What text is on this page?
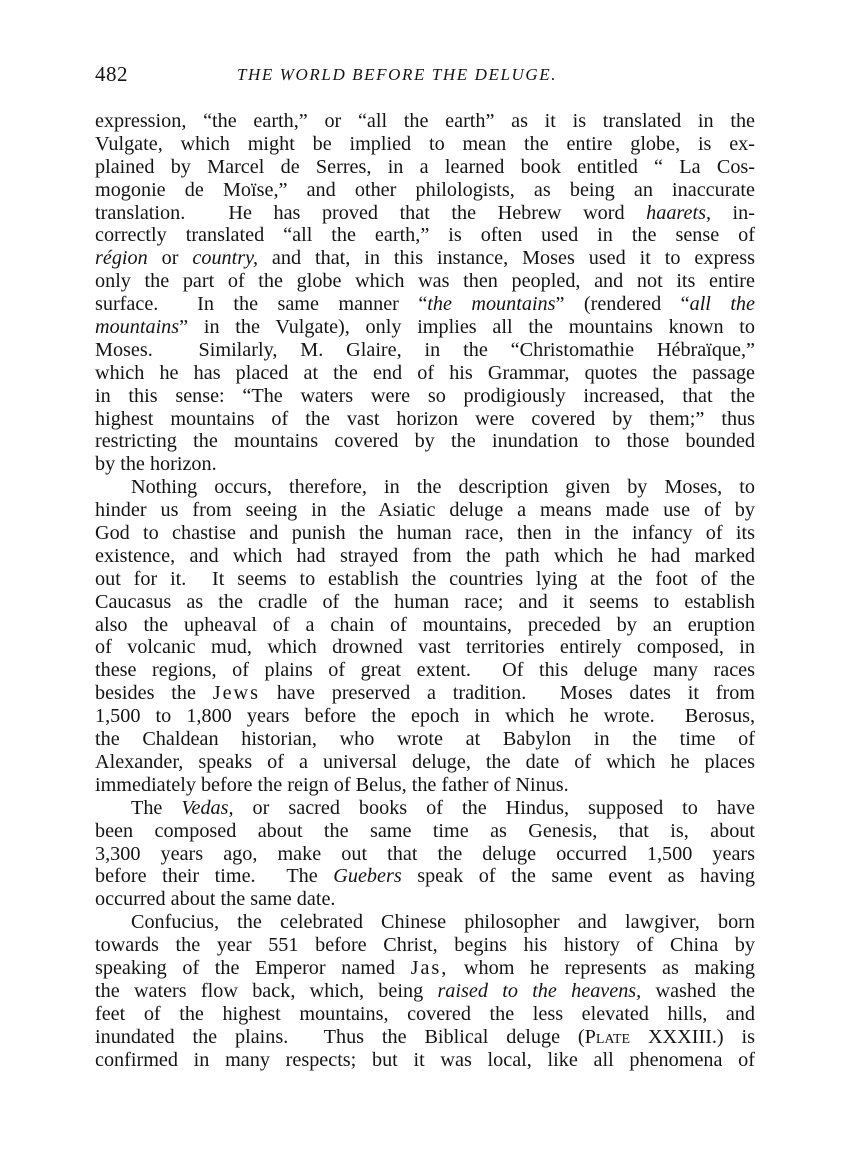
482	THE WORLD BEFORE THE DELUGE.
expression, “the earth,” or “all the earth” as it is translated in the
Vulgate, which might be implied to mean the entire globe, is ex-
plained by Marcel de Serres, in a learned book entitled “ La Cos-
mogonie de Moïse,” and other philologists, as being an inaccurate
translation.  He has proved that the Hebrew word haarets, in-
correctly translated “all the earth,” is often used in the sense of
région or country, and that, in this instance, Moses used it to express
only the part of the globe which was then peopled, and not its entire
surface.  In the same manner “the mountains” (rendered “all the
mountains” in the Vulgate), only implies all the mountains known to
Moses.  Similarly, M. Glaire, in the “Christomathie Hébraïque,”
which he has placed at the end of his Grammar, quotes the passage
in this sense: “The waters were so prodigiously increased, that the
highest mountains of the vast horizon were covered by them;” thus
restricting the mountains covered by the inundation to those bounded
by the horizon.
Nothing occurs, therefore, in the description given by Moses, to
hinder us from seeing in the Asiatic deluge a means made use of by
God to chastise and punish the human race, then in the infancy of its
existence, and which had strayed from the path which he had marked
out for it.  It seems to establish the countries lying at the foot of the
Caucasus as the cradle of the human race; and it seems to establish
also the upheaval of a chain of mountains, preceded by an eruption
of volcanic mud, which drowned vast territories entirely composed, in
these regions, of plains of great extent.  Of this deluge many races
besides the Jews have preserved a tradition.  Moses dates it from
1,500 to 1,800 years before the epoch in which he wrote.  Berosus,
the Chaldean historian, who wrote at Babylon in the time of
Alexander, speaks of a universal deluge, the date of which he places
immediately before the reign of Belus, the father of Ninus.
The Vedas, or sacred books of the Hindus, supposed to have
been composed about the same time as Genesis, that is, about
3,300 years ago, make out that the deluge occurred 1,500 years
before their time.  The Guebers speak of the same event as having
occurred about the same date.
Confucius, the celebrated Chinese philosopher and lawgiver, born
towards the year 551 before Christ, begins his history of China by
speaking of the Emperor named Jas, whom he represents as making
the waters flow back, which, being raised to the heavens, washed the
feet of the highest mountains, covered the less elevated hills, and
inundated the plains.  Thus the Biblical deluge (Plate XXXIII.) is
confirmed in many respects; but it was local, like all phenomena of
